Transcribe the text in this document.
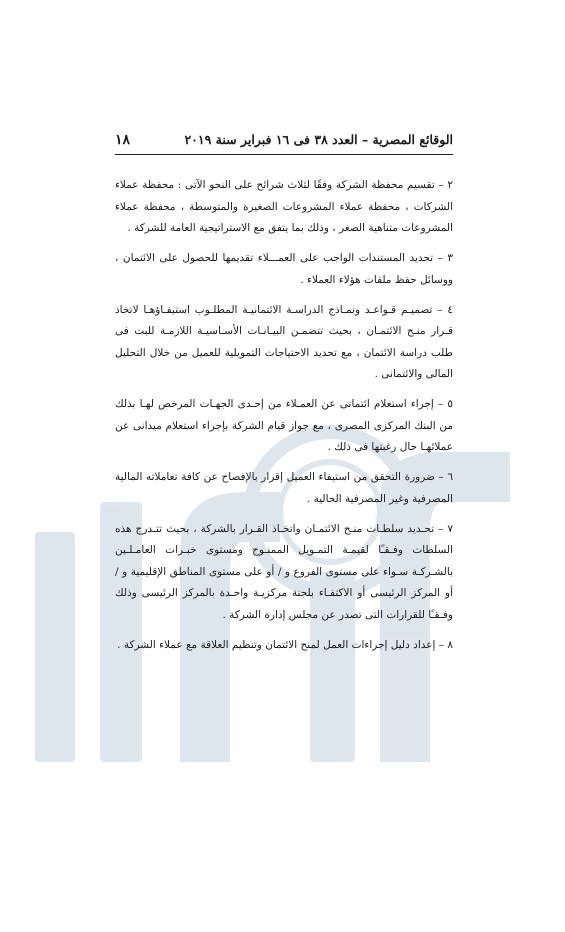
الوقائع المصرية – العدد ٣٨ فى ١٦ فبراير سنة ٢٠١٩
١٨

٢ – تقسيم محفظة الشركة وفقًا لثلاث شرائح على النحو الآتى : محفظة عملاء الشركات ، محفظة عملاء المشروعات الصغيرة والمتوسطة ، محفظة عملاء المشروعات متناهية الصغر ، وذلك بما يتفق مع الاستراتيجية العامة للشركة .

٣ – تحديد المستندات الواجب على العمـــلاء تقديمها للحصول على الائتمان ، ووسائل حفظ ملفات هؤلاء العملاء .

٤ – تصميـم قـواعـد ونمـاذج الدراسـة الائتمانيـة المطلـوب استيفـاؤهـا لاتخاذ قـرار منـح الائتمـان ، بحيث تتضمـن البيـانـات الأسـاسيـة اللازمـة للبت فى طلب دراسة الائتمان ، مع تحديد الاحتياجات التمويلية للعميل من خلال التحليل المالى والائتمانى .

٥ – إجراء استعلام ائتمانى عن العمـلاء من إحـدى الجهـات المرخص لهـا بذلك من البنك المركزى المصرى ، مع جواز قيام الشركة بإجراء استعلام ميدانى عن عملائهـا حال رغبتها فى ذلك .

٦ – ضرورة التحقق من استيفاء العميل إقرار بالإفصاح عن كافة تعاملاته المالية المصرفية وغير المصرفية الحالية .

٧ – تحـديد سلطـات منـح الائتمـان واتخـاذ القـرار بالشركة ، بحيث تتـدرج هذه السلطات وفـقـًا لقيمـة التمـويل الممنـوح ومستوى خبـرات العامـلـين بالشـركـة سـواء على مستوى الفروع و / أو على مستوى المناطق الإقليمية و / أو المركز الرئيسى أو الاكتفـاء بلجنة مركزيـة واحـدة بالمركز الرئيسى وذلك وفـقـًا للقرارات التى تصدر عن مجلس إدارة الشركة .

٨ – إعداد دليل إجراءات العمل لمنح الائتمان وتنظيم العلاقة مع عملاء الشركة .
